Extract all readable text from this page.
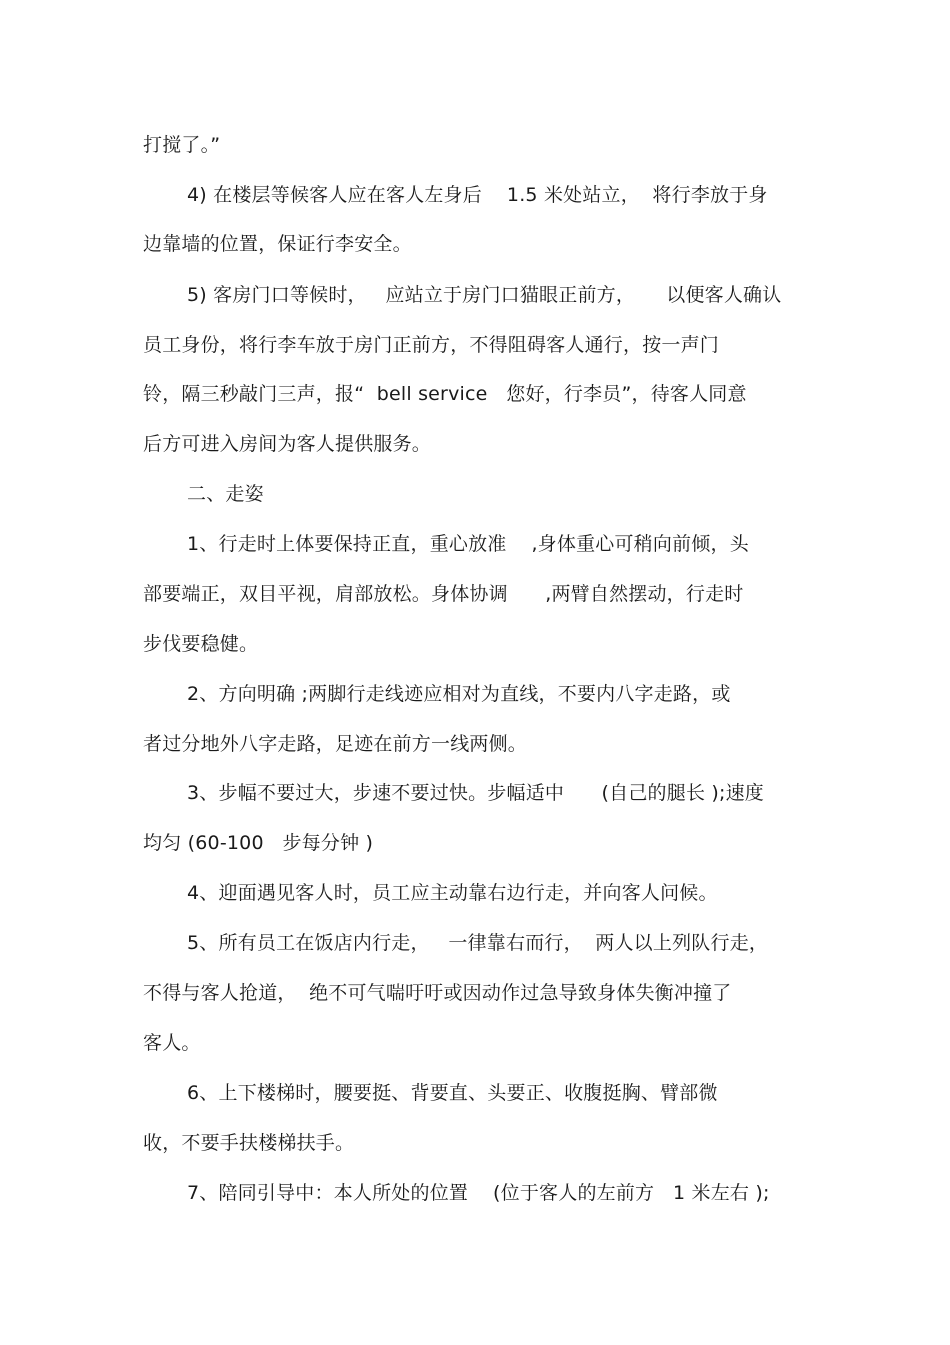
打搅了。”
4) 在楼层等候客人应在客人左身后    1.5 米处站立，  将行李放于身
边靠墙的位置，保证行李安全。
5) 客房门口等候时，   应站立于房门口猫眼正前方，     以便客人确认
员工身份，将行李车放于房门正前方，不得阻碍客人通行，按一声门
铃，隔三秒敲门三声，报“  bell service   您好，行李员”，待客人同意
后方可进入房间为客人提供服务。
二、走姿
1、行走时上体要保持正直，重心放准    ,身体重心可稍向前倾，头
部要端正，双目平视，肩部放松。身体协调      ,两臂自然摆动，行走时
步伐要稳健。
2、方向明确 ;两脚行走线迹应相对为直线，不要内八字走路，或
者过分地外八字走路，足迹在前方一线两侧。
3、步幅不要过大，步速不要过快。步幅适中      (自己的腿长 );速度
均匀 (60-100   步每分钟 )
4、迎面遇见客人时，员工应主动靠右边行走，并向客人问候。
5、所有员工在饭店内行走，   一律靠右而行，  两人以上列队行走，
不得与客人抢道，  绝不可气喘吁吁或因动作过急导致身体失衡冲撞了
客人。
6、上下楼梯时，腰要挺、背要直、头要正、收腹挺胸、臂部微
收，不要手扶楼梯扶手。
7、陪同引导中：本人所处的位置    (位于客人的左前方   1 米左右 );
